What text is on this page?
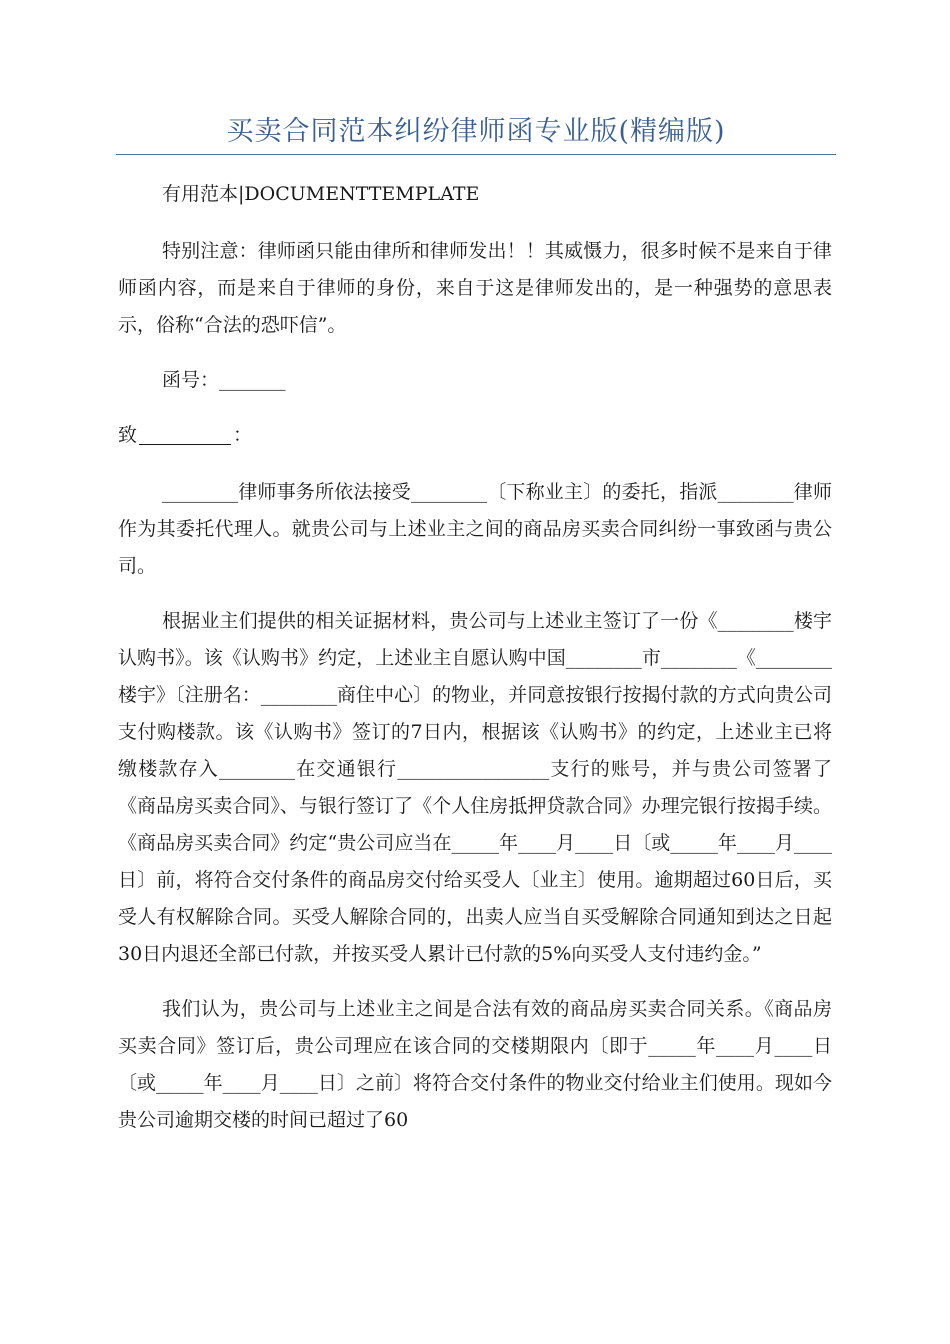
买卖合同范本纠纷律师函专业版(精编版)

有用范本|DOCUMENTTEMPLATE

特别注意：律师函只能由律所和律师发出！！其威慑力，很多时候不是来自于律师函内容，而是来自于律师的身份，来自于这是律师发出的，是一种强势的意思表示，俗称“合法的恐吓信”。

函号：_______

致	：

________律师事务所依法接受________〔下称业主〕的委托，指派________律师作为其委托代理人。就贵公司与上述业主之间的商品房买卖合同纠纷一事致函与贵公司。

根据业主们提供的相关证据材料，贵公司与上述业主签订了一份《________楼宇认购书》。该《认购书》约定，上述业主自愿认购中国________市________《________楼宇》〔注册名：________商住中心〕的物业，并同意按银行按揭付款的方式向贵公司支付购楼款。该《认购书》签订的7日内，根据该《认购书》的约定，上述业主已将缴楼款存入________在交通银行________________支行的账号，并与贵公司签署了《商品房买卖合同》、与银行签订了《个人住房抵押贷款合同》办理完银行按揭手续。《商品房买卖合同》约定“贵公司应当在_____年____月____日〔或_____年____月____日〕前，将符合交付条件的商品房交付给买受人〔业主〕使用。逾期超过60日后，买受人有权解除合同。买受人解除合同的，出卖人应当自买受解除合同通知到达之日起30日内退还全部已付款，并按买受人累计已付款的5%向买受人支付违约金。”

我们认为，贵公司与上述业主之间是合法有效的商品房买卖合同关系。《商品房买卖合同》签订后，贵公司理应在该合同的交楼期限内〔即于_____年____月____日〔或_____年____月____日〕之前〕将符合交付条件的物业交付给业主们使用。现如今贵公司逾期交楼的时间已超过了60
